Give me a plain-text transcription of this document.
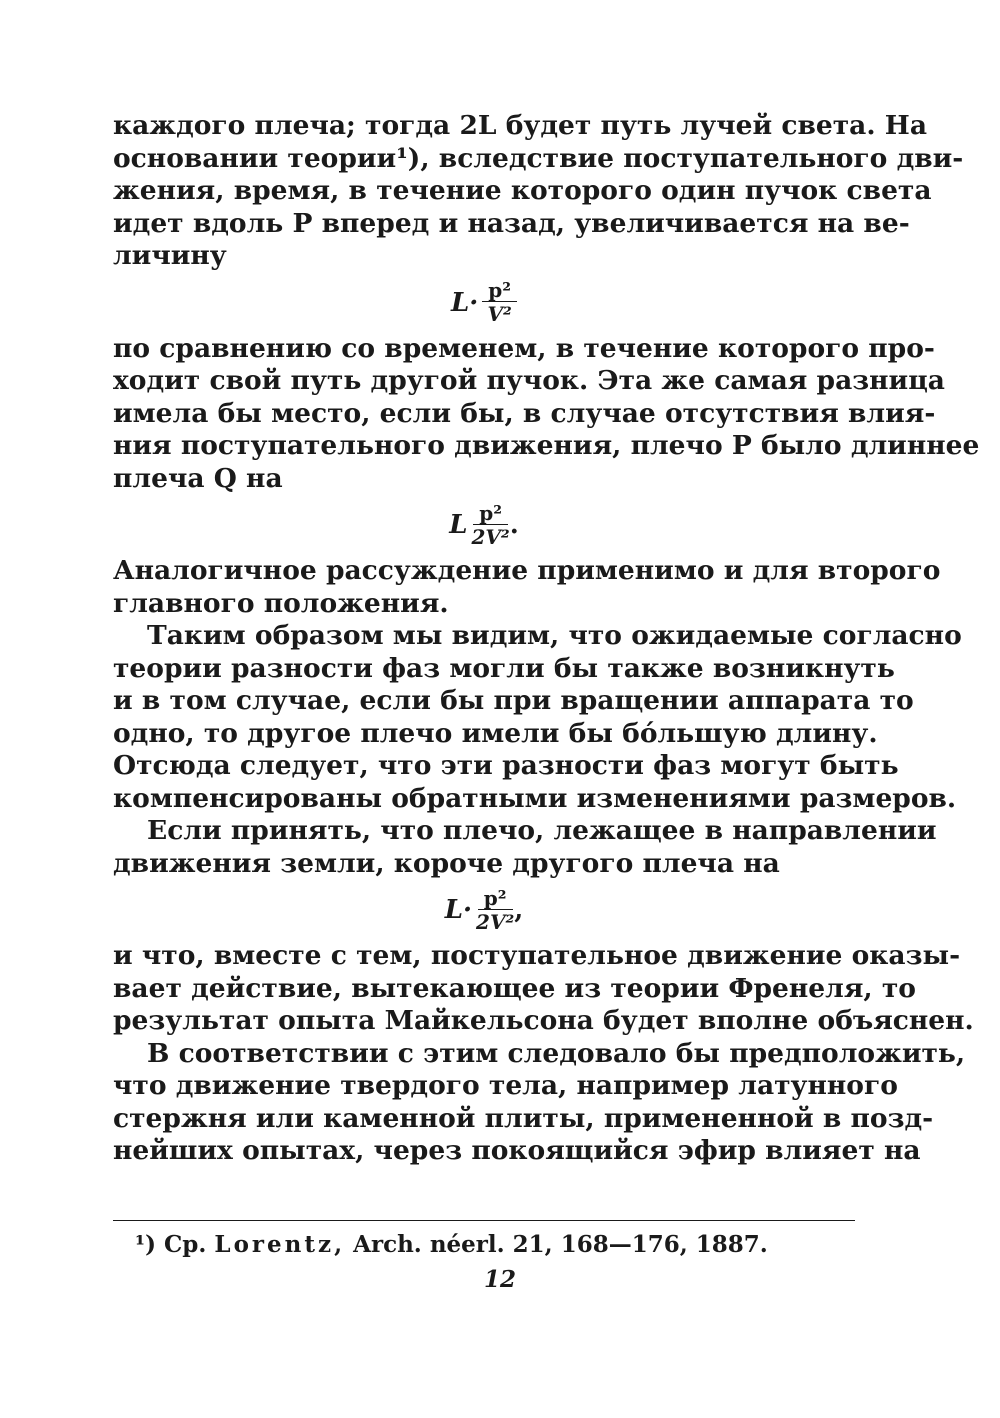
каждого плеча; тогда 2L будет путь лучей света. На
основании теории¹), вследствие поступательного дви-
жения, время, в течение которого один пучок света
идет вдоль P вперед и назад, увеличивается на ве-
личину
$L\cdot \frac{\text{p²}}{\text{V²}}$
по сравнению со временем, в течение которого про-
ходит свой путь другой пучок. Эта же самая разница
имела бы место, если бы, в случае отсутствия влия-
ния поступательного движения, плечо P было длиннее
плеча Q на
L $\frac{\text{p²}}{\text{2V²}}$ .
Аналогичное рассуждение применимо и для второго
главного положения.
Таким образом мы видим, что ожидаемые согласно
теории разности фаз могли бы также возникнуть
и в том случае, если бы при вращении аппарата то
одно, то другое плечо имели бы бóльшую длину.
Отсюда следует, что эти разности фаз могут быть
компенсированы обратными изменениями размеров.
Если принять, что плечо, лежащее в направлении
движения земли, короче другого плеча на
$L\cdot \frac{\text{p²}}{\text{2V²}}$ ,
и что, вместе с тем, поступательное движение оказы-
вает действие, вытекающее из теории Френеля, то
результат опыта Майкельсона будет вполне объяснен.
В соответствии с этим следовало бы предположить,
что движение твердого тела, например латунного
стержня или каменной плиты, примененной в позд-
нейших опытах, через покоящийся эфир влияет на
¹) Ср. Lorentz, Arch. néerl. 21, 168—176, 1887.
12
